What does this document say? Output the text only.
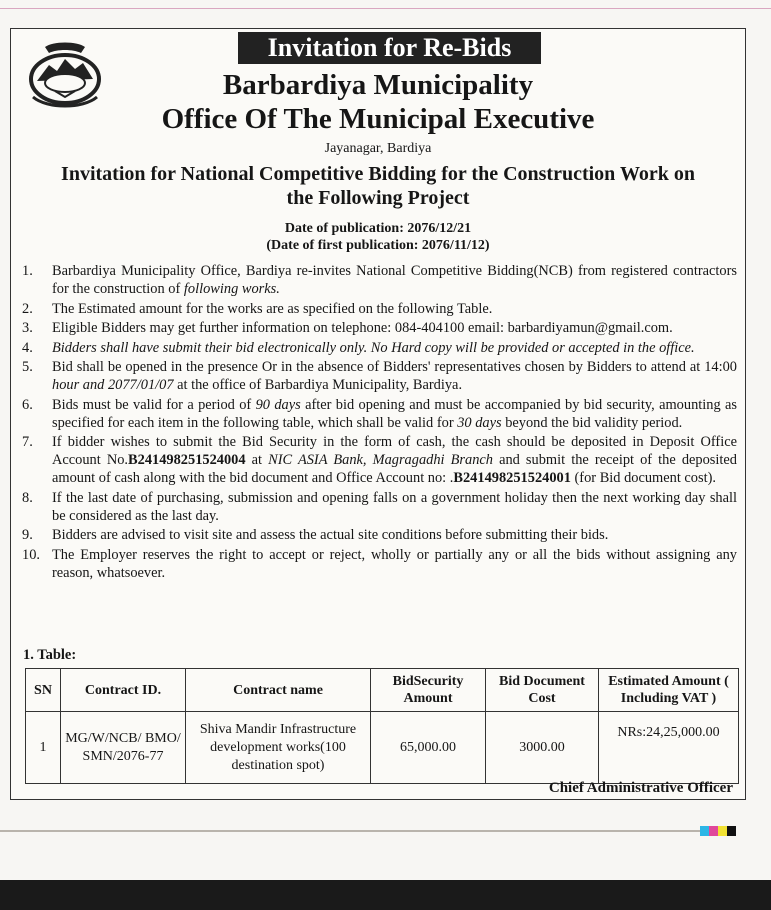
Invitation for Re-Bids
Barbardiya Municipality
Office Of The Municipal Executive
Jayanagar, Bardiya
Invitation for National Competitive Bidding for the Construction Work on the Following Project
Date of publication: 2076/12/21
(Date of first publication: 2076/11/12)
1.	Barbardiya Municipality Office, Bardiya re-invites National Competitive Bidding(NCB) from registered contractors for the construction of following works.
2.	The Estimated amount for the works are as specified on the following Table.
3.	Eligible Bidders may get further information on telephone: 084-404100 email: barbardiyamun@gmail.com.
4.	Bidders shall have submit their bid electronically only. No Hard copy will be provided or accepted in the office.
5.	Bid shall be opened in the presence Or in the absence of Bidders' representatives chosen by Bidders to attend at 14:00 hour and 2077/01/07 at the office of Barbardiya Municipality, Bardiya.
6.	Bids must be valid for a period of 90 days after bid opening and must be accompanied by bid security, amounting as specified for each item in the following table, which shall be valid for 30 days beyond the bid validity period.
7.	If bidder wishes to submit the Bid Security in the form of cash, the cash should be deposited in Deposit Office Account No.B241498251524004 at NIC ASIA Bank, Magragadhi Branch and submit the receipt of the deposited amount of cash along with the bid document and Office Account no: .B241498251524001 (for Bid document cost).
8.	If the last date of purchasing, submission and opening falls on a government holiday then the next working day shall be considered as the last day.
9.	Bidders are advised to visit site and assess the actual site conditions before submitting their bids.
10. The Employer reserves the right to accept or reject, wholly or partially any or all the bids without assigning any reason, whatsoever.
1. Table:
SN	Contract ID.	Contract name	BidSecurity Amount	Bid Document Cost	Estimated Amount ( Including VAT )
1	MG/W/NCB/ BMO/ SMN/2076-77	Shiva Mandir Infrastructure development works(100 destination spot)	65,000.00	3000.00	NRs:24,25,000.00
Chief Administrative Officer
